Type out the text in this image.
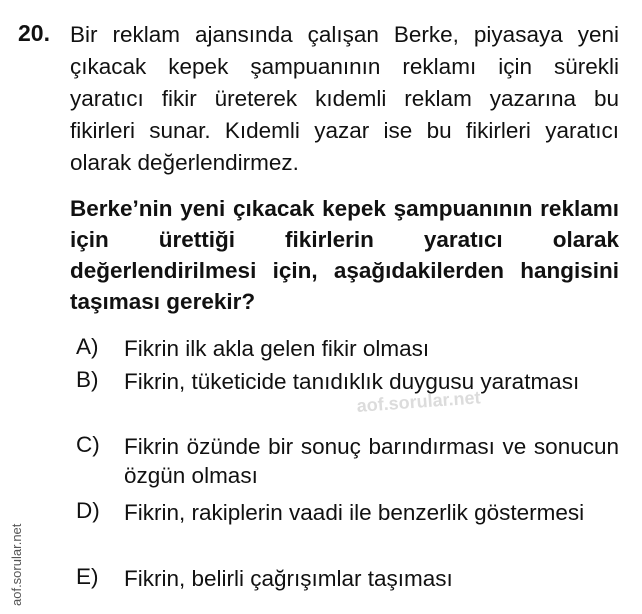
20. Bir reklam ajansında çalışan Berke, piyasaya yeni çıkacak kepek şampuanının reklamı için sürekli yaratıcı fikir üreterek kıdemli reklam yazarına bu fikirleri sunar. Kıdemli yazar ise bu fikirleri yaratıcı olarak değerlendirmez.

Berke’nin yeni çıkacak kepek şampuanının reklamı için ürettiği fikirlerin yaratıcı olarak değerlendirilmesi için, aşağıdakilerden hangisini taşıması gerekir?

A) Fikrin ilk akla gelen fikir olması

B) Fikrin, tüketicide tanıdıklık duygusu yaratması

C) Fikrin özünde bir sonuç barındırması ve sonucun özgün olması

D) Fikrin, rakiplerin vaadi ile benzerlik göstermesi

E) Fikrin, belirli çağrışımlar taşıması

aof.sorular.net
aof.sorular.net
